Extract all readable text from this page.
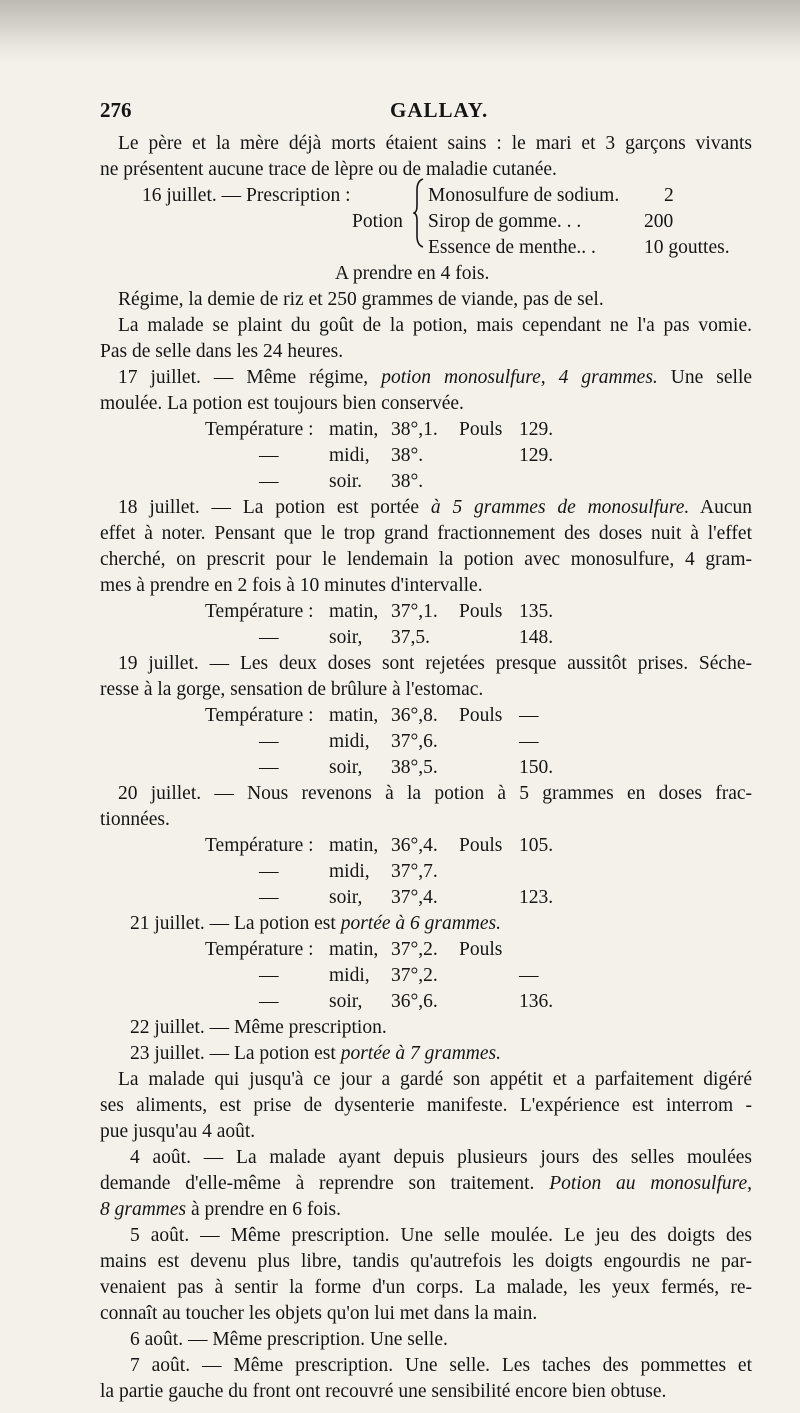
276	GALLAY.
Le père et la mère déjà morts étaient sains : le mari et 3 garçons vivants
ne présentent aucune trace de lèpre ou de maladie cutanée.
16 juillet. — Prescription :
Potion
Monosulfure de sodium. 2
Sirop de gomme. . .	200
Essence de menthe.. . 10 gouttes.
A prendre en 4 fois.
Régime, la demie de riz et 250 grammes de viande, pas de sel.
La malade se plaint du goût de la potion, mais cependant ne l'a pas vomie.
Pas de selle dans les 24 heures.
17 juillet. — Même régime, potion monosulfure, 4 grammes. Une selle
moulée. La potion est toujours bien conservée.
Température : matin, 38°,1. Pouls 129.
—	midi, 38°.	129.
—	soir. 38°.
18 juillet. — La potion est portée à 5 grammes de monosulfure. Aucun
effet à noter. Pensant que le trop grand fractionnement des doses nuit à l'effet
cherché, on prescrit pour le lendemain la potion avec monosulfure, 4 gram-
mes à prendre en 2 fois à 10 minutes d'intervalle.
Température : matin, 37°,1. Pouls 135.
—	soir, 37,5.	148.
19 juillet. — Les deux doses sont rejetées presque aussitôt prises. Séche-
resse à la gorge, sensation de brûlure à l'estomac.
Température : matin, 36°,8. Pouls —
—	midi, 37°,6.	—
—	soir, 38°,5.	150.
20 juillet. — Nous revenons à la potion à 5 grammes en doses frac-
tionnées.
Température : matin, 36°,4. Pouls 105.
—	midi, 37°,7.
—	soir, 37°,4.	123.
21 juillet. — La potion est portée à 6 grammes.
Température : matin, 37°,2. Pouls
—	midi, 37°,2.	—
—	soir, 36°,6.	136.
22 juillet. — Même prescription.
23 juillet. — La potion est portée à 7 grammes.
La malade qui jusqu'à ce jour a gardé son appétit et a parfaitement digéré
ses aliments, est prise de dysenterie manifeste. L'expérience est interrom -
pue jusqu'au 4 août.
4 août. — La malade ayant depuis plusieurs jours des selles moulées
demande d'elle-même à reprendre son traitement. Potion au monosulfure,
8 grammes à prendre en 6 fois.
5 août. — Même prescription. Une selle moulée. Le jeu des doigts des
mains est devenu plus libre, tandis qu'autrefois les doigts engourdis ne par-
venaient pas à sentir la forme d'un corps. La malade, les yeux fermés, re-
connaît au toucher les objets qu'on lui met dans la main.
6 août. — Même prescription. Une selle.
7 août. — Même prescription. Une selle. Les taches des pommettes et
la partie gauche du front ont recouvré une sensibilité encore bien obtuse.
